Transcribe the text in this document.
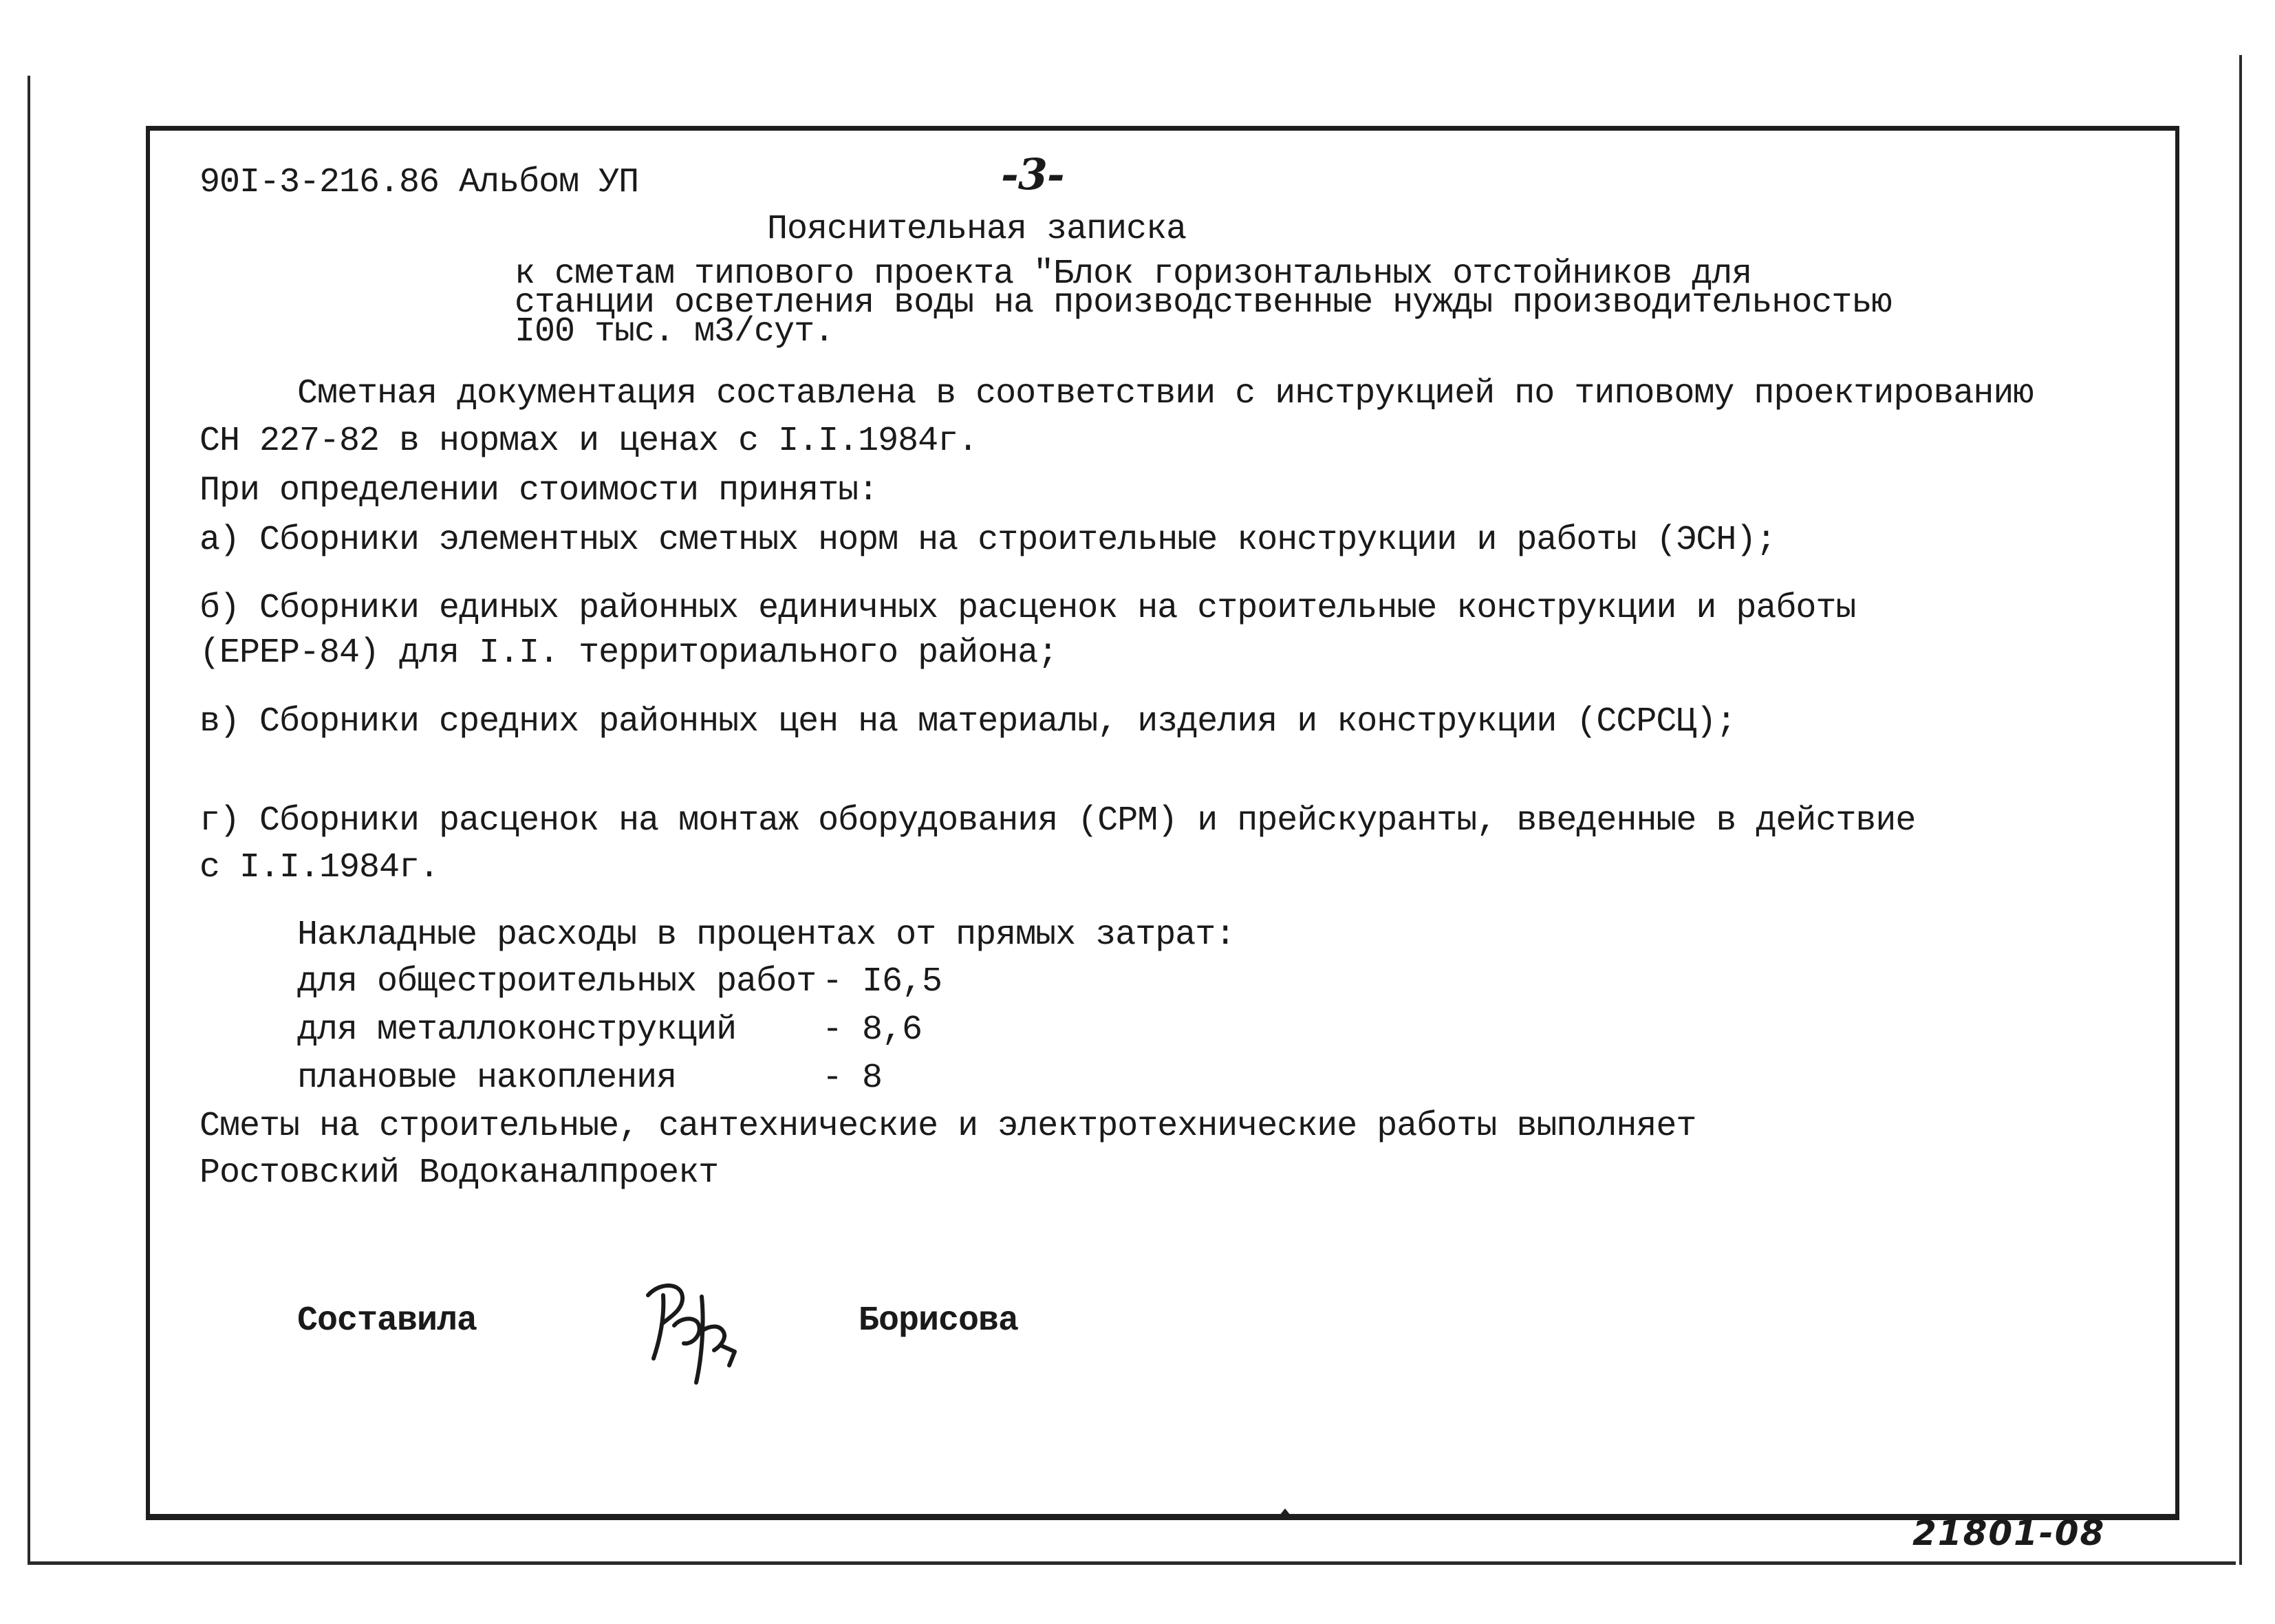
90I-3-216.86 Альбом УП	-3-
Пояснительная записка
к сметам типового проекта "Блок горизонтальных отстойников для
станции осветления воды на производственные нужды производительностью
I00 тыс. м3/сут.
Сметная документация составлена в соответствии с инструкцией по типовому проектированию
СН 227-82 в нормах и ценах с I.I.1984г.
При определении стоимости приняты:
а) Сборники элементных сметных норм на строительные конструкции и работы (ЭСН);
б) Сборники единых районных единичных расценок на строительные конструкции и работы
(ЕРЕР-84) для I.I. территориального района;
в) Сборники средних районных цен на материалы, изделия и конструкции (ССРСЦ);
г) Сборники расценок на монтаж оборудования (СРМ) и прейскуранты, введенные в действие
с I.I.1984г.
Накладные расходы в процентах от прямых затрат:
для общестроительных работ - I6,5
для металлоконструкций - 8,6
плановые накопления	- 8
Сметы на строительные, сантехнические и электротехнические работы выполняет
Ростовский Водоканалпроект
Составила	Борисова
21801-08
